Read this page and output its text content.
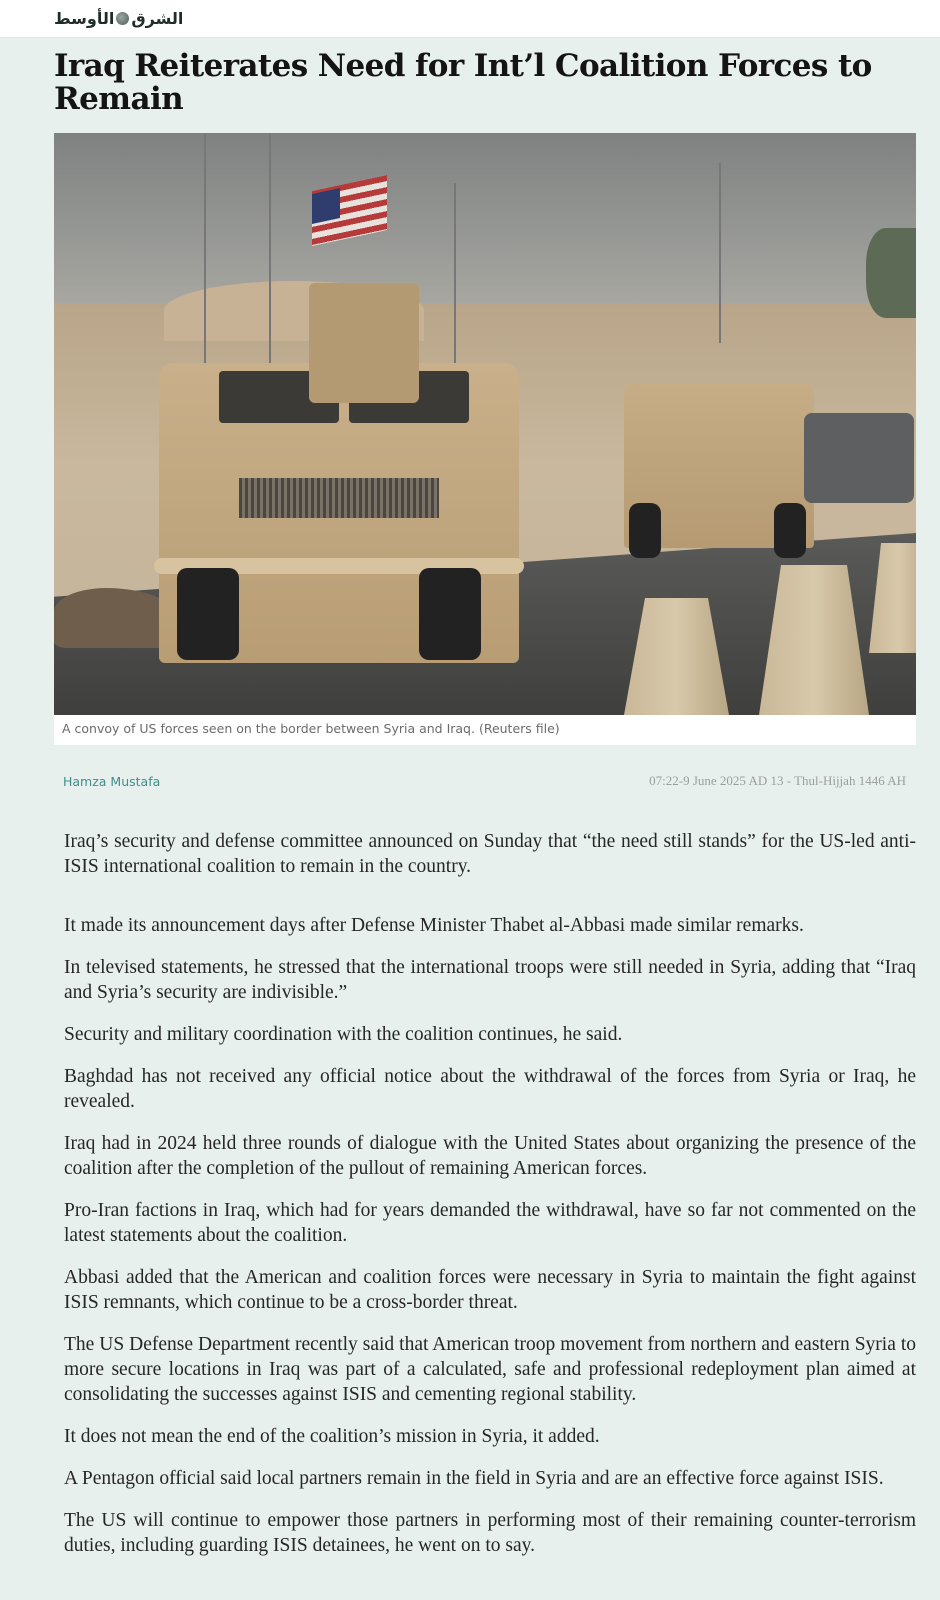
الشرق
الأوسط
Iraq Reiterates Need for Int’l Coalition Forces to Remain
A convoy of US forces seen on the border between Syria and Iraq. (Reuters file)
Hamza Mustafa	07:22-9 June 2025 AD 13 - Thul-Hijjah 1446 AH

Iraq’s security and defense committee announced on Sunday that “the need still stands” for the US-led anti-ISIS international coalition to remain in the country.

It made its announcement days after Defense Minister Thabet al-Abbasi made similar remarks.

In televised statements, he stressed that the international troops were still needed in Syria, adding that “Iraq and Syria’s security are indivisible.”

Security and military coordination with the coalition continues, he said.

Baghdad has not received any official notice about the withdrawal of the forces from Syria or Iraq, he revealed.

Iraq had in 2024 held three rounds of dialogue with the United States about organizing the presence of the coalition after the completion of the pullout of remaining American forces.

Pro-Iran factions in Iraq, which had for years demanded the withdrawal, have so far not commented on the latest statements about the coalition.

Abbasi added that the American and coalition forces were necessary in Syria to maintain the fight against ISIS remnants, which continue to be a cross-border threat.

The US Defense Department recently said that American troop movement from northern and eastern Syria to more secure locations in Iraq was part of a calculated, safe and professional redeployment plan aimed at consolidating the successes against ISIS and cementing regional stability.

It does not mean the end of the coalition’s mission in Syria, it added.

A Pentagon official said local partners remain in the field in Syria and are an effective force against ISIS.

The US will continue to empower those partners in performing most of their remaining counter-terrorism duties, including guarding ISIS detainees, he went on to say.
